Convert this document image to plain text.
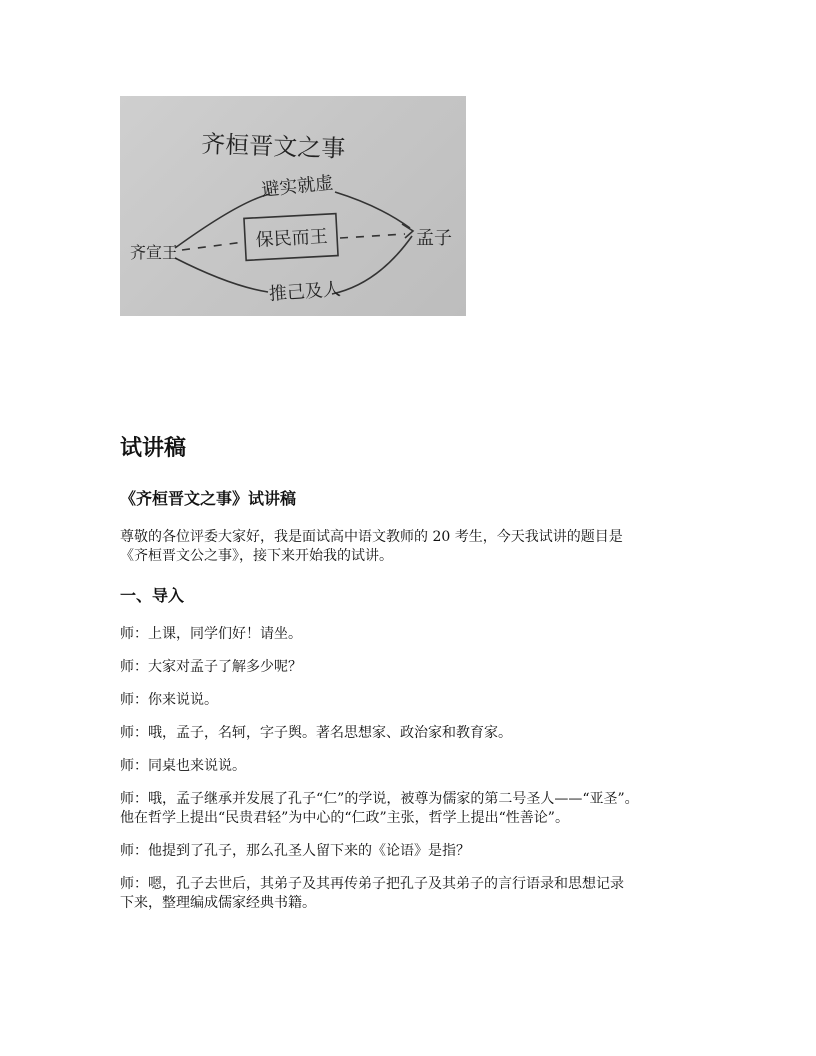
齐桓晋文之事
避实就虚
保民而王
齐宣王
孟子
推己及人
试讲稿
《齐桓晋文之事》试讲稿

尊敬的各位评委大家好，我是面试高中语文教师的 20 考生，今天我试讲的题目是
《齐桓晋文公之事》，接下来开始我的试讲。

一、导入

师：上课，同学们好！请坐。

师：大家对孟子了解多少呢？

师：你来说说。

师：哦，孟子，名轲，字子舆。著名思想家、政治家和教育家。

师：同桌也来说说。

师：哦，孟子继承并发展了孔子“仁”的学说，被尊为儒家的第二号圣人——“亚圣”。
他在哲学上提出“民贵君轻”为中心的“仁政”主张，哲学上提出“性善论”。

师：他提到了孔子，那么孔圣人留下来的《论语》是指？

师：嗯，孔子去世后，其弟子及其再传弟子把孔子及其弟子的言行语录和思想记录
下来，整理编成儒家经典书籍。
